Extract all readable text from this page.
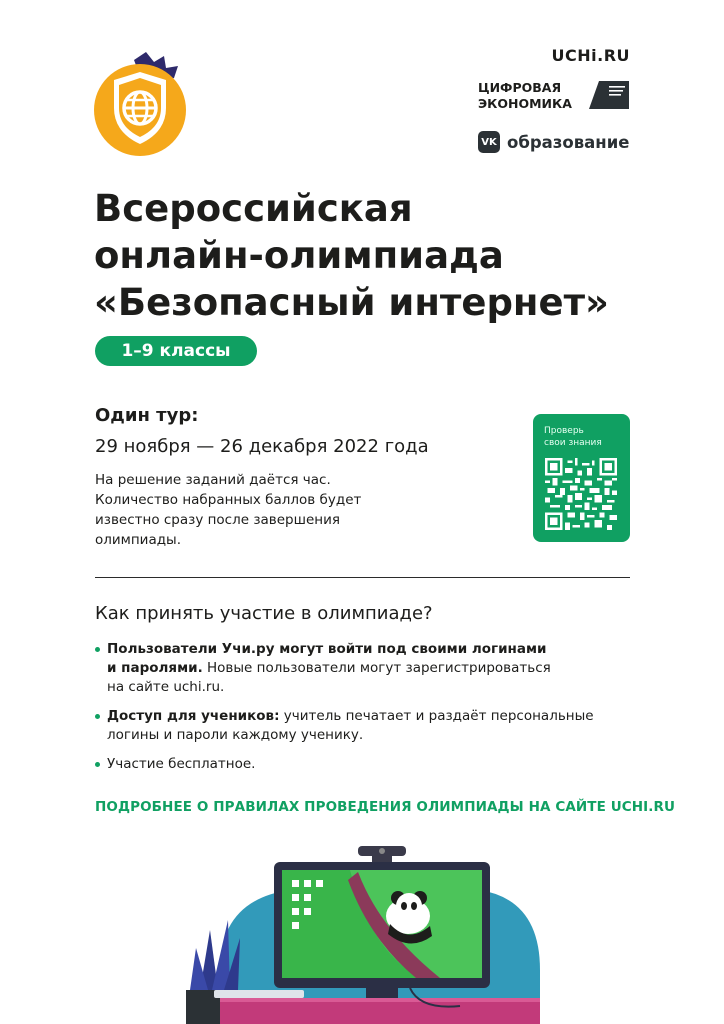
UCHi.RU
ЦИФРОВАЯ
ЭКОНОМИКА
VK образование
Всероссийская
онлайн-олимпиада
«Безопасный интернет»
1–9 классы
Один тур:
29 ноября — 26 декабря 2022 года
На решение заданий даётся час.
Количество набранных баллов будет
известно сразу после завершения
олимпиады.
Проверь
свои знания
Как принять участие в олимпиаде?
Пользователи Учи.ру могут войти под своими логинами
и паролями. Новые пользователи могут зарегистрироваться
на сайте uchi.ru.
Доступ для учеников: учитель печатает и раздаёт персональные
логины и пароли каждому ученику.
Участие бесплатное.
ПОДРОБНЕЕ О ПРАВИЛАХ ПРОВЕДЕНИЯ ОЛИМПИАДЫ НА САЙТЕ UCHI.RU
